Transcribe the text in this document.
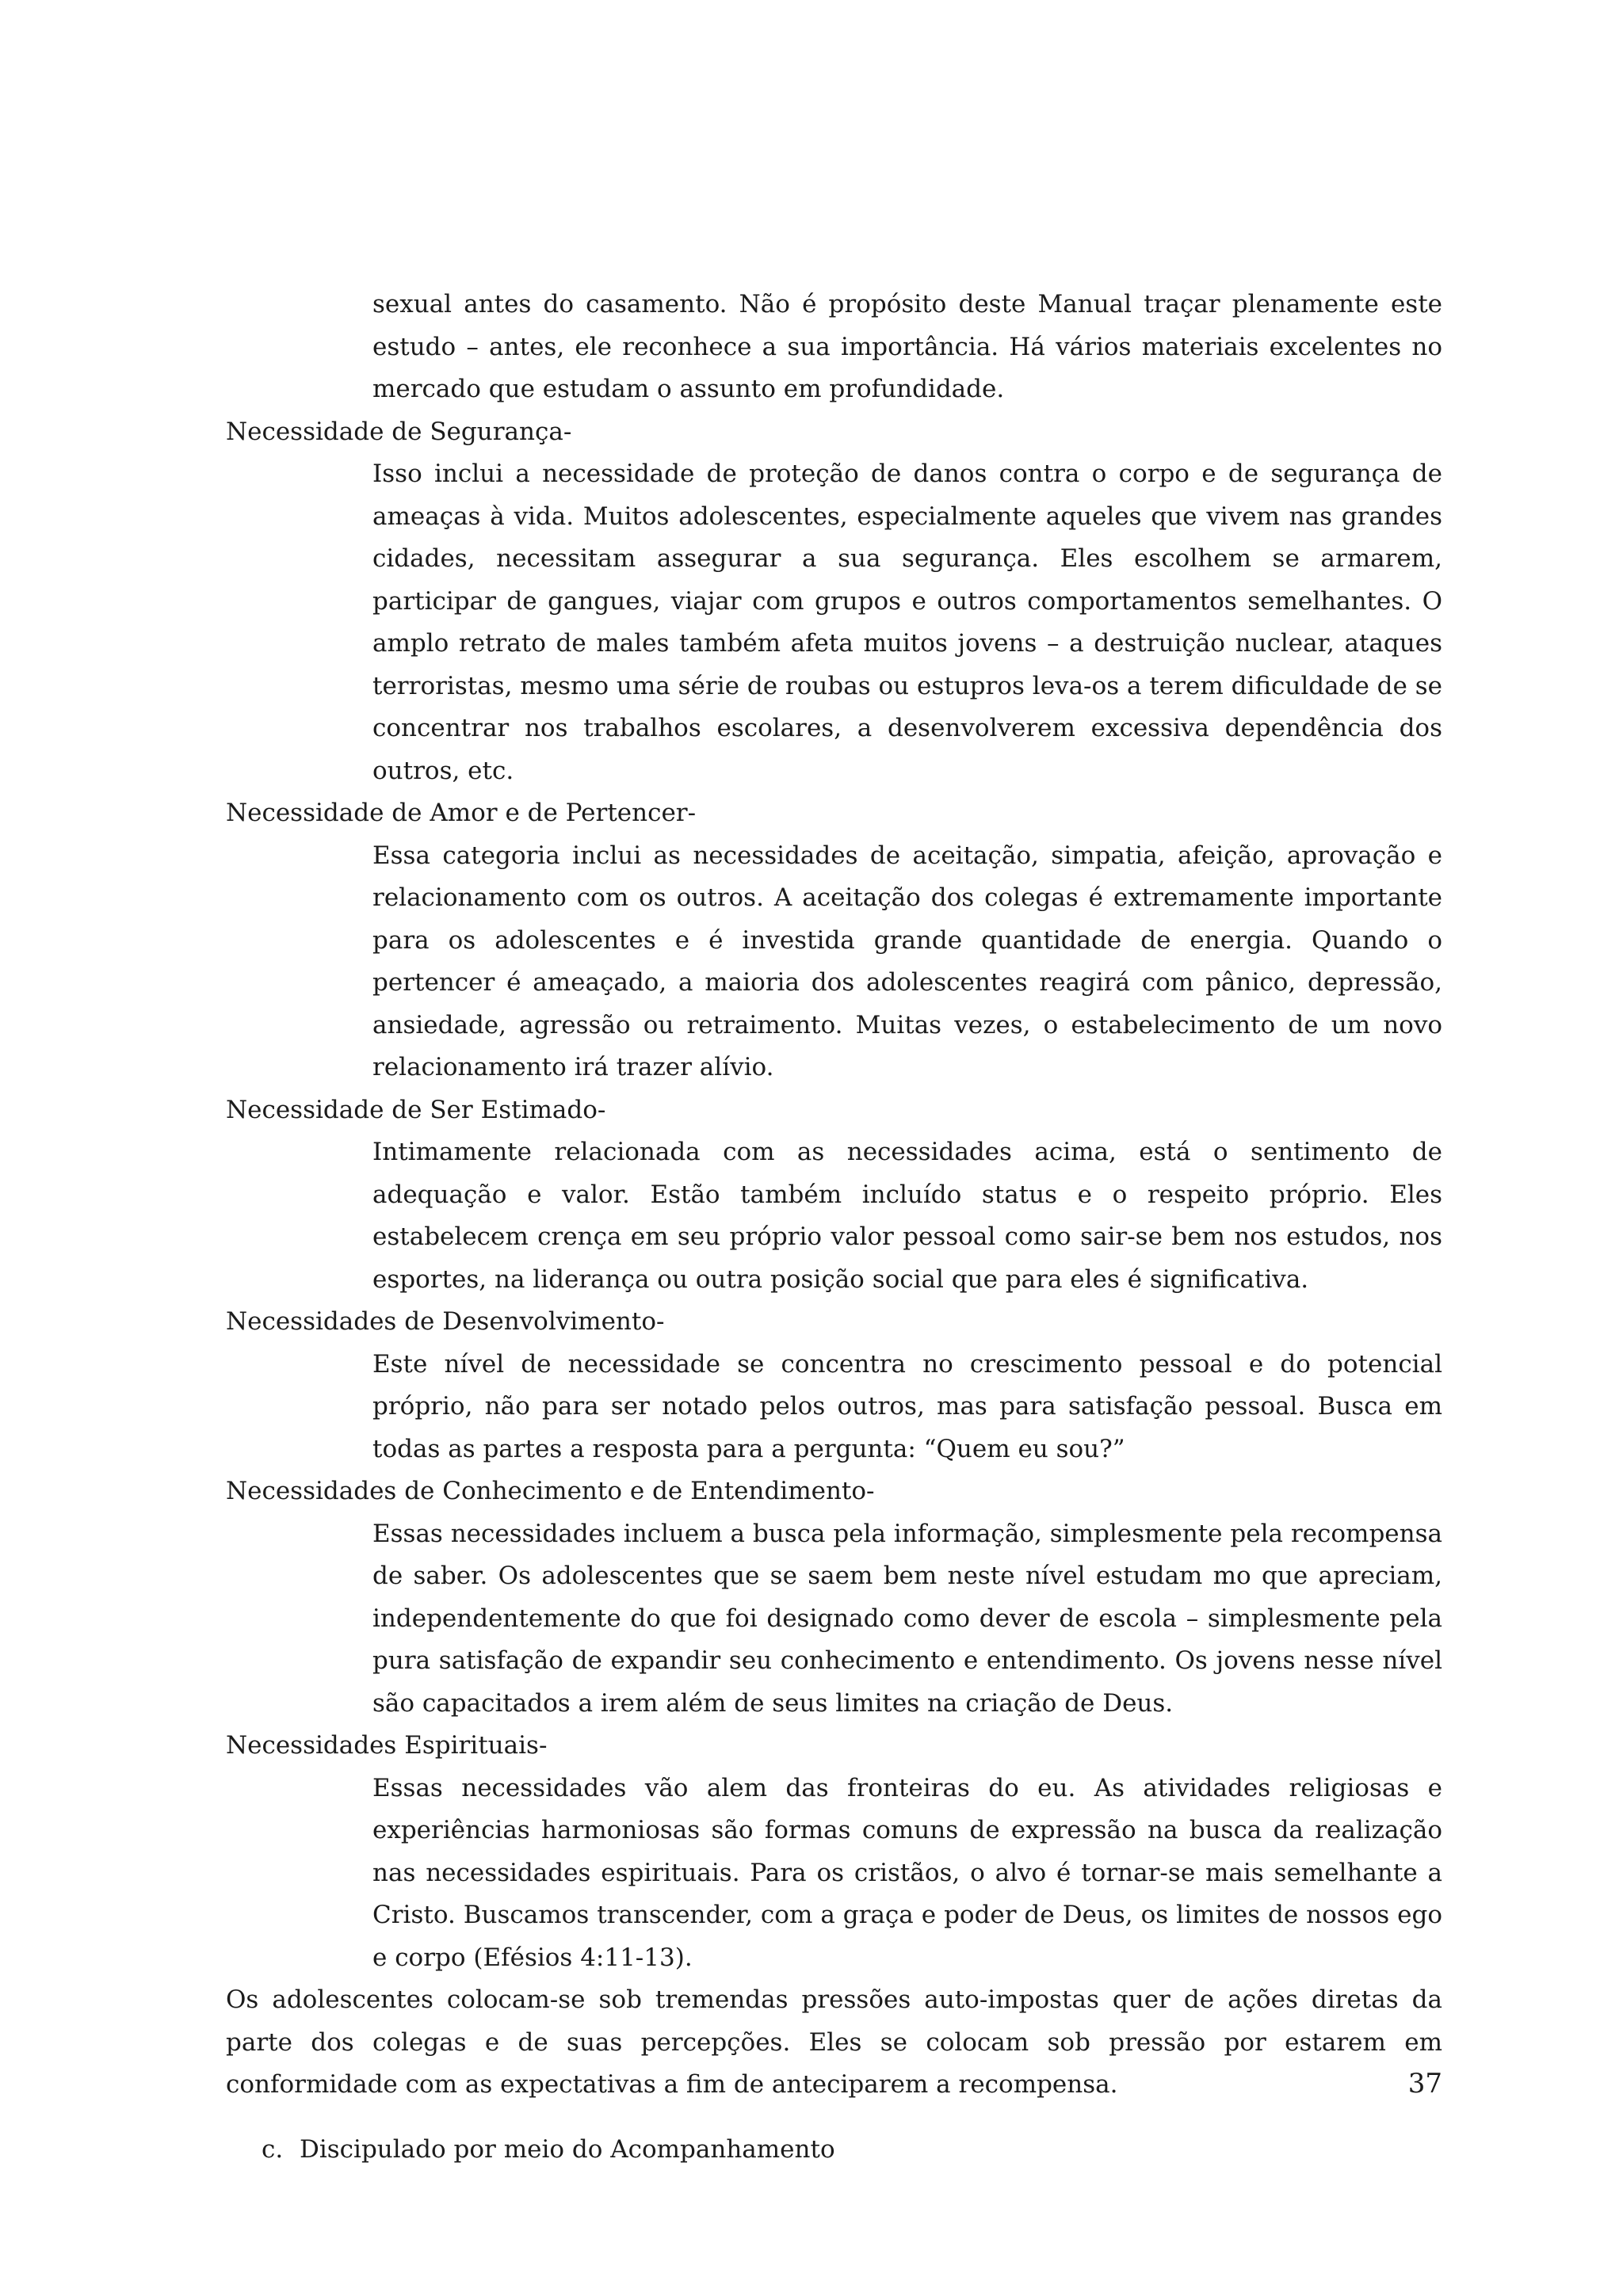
sexual antes do casamento. Não é propósito deste Manual traçar plenamente este estudo – antes, ele reconhece a sua importância. Há vários materiais excelentes no mercado que estudam o assunto em profundidade.

Necessidade de Segurança-

Isso inclui a necessidade de proteção de danos contra o corpo e de segurança de ameaças à vida. Muitos adolescentes, especialmente aqueles que vivem nas grandes cidades, necessitam assegurar a sua segurança. Eles escolhem se armarem, participar de gangues, viajar com grupos e outros comportamentos semelhantes. O amplo retrato de males também afeta muitos jovens – a destruição nuclear, ataques terroristas, mesmo uma série de roubas ou estupros leva-os a terem dificuldade de se concentrar nos trabalhos escolares, a desenvolverem excessiva dependência dos outros, etc.

Necessidade de Amor e de Pertencer-

Essa categoria inclui as necessidades de aceitação, simpatia, afeição, aprovação e relacionamento com os outros. A aceitação dos colegas é extremamente importante para os adolescentes e é investida grande quantidade de energia. Quando o pertencer é ameaçado, a maioria dos adolescentes reagirá com pânico, depressão, ansiedade, agressão ou retraimento. Muitas vezes, o estabelecimento de um novo relacionamento irá trazer alívio.

Necessidade de Ser Estimado-

Intimamente relacionada com as necessidades acima, está o sentimento de adequação e valor. Estão também incluído status e o respeito próprio. Eles estabelecem crença em seu próprio valor pessoal como sair-se bem nos estudos, nos esportes, na liderança ou outra posição social que para eles é significativa.

Necessidades de Desenvolvimento-

Este nível de necessidade se concentra no crescimento pessoal e do potencial próprio, não para ser notado pelos outros, mas para satisfação pessoal. Busca em todas as partes a resposta para a pergunta: “Quem eu sou?”

Necessidades de Conhecimento e de Entendimento-

Essas necessidades incluem a busca pela informação, simplesmente pela recompensa de saber. Os adolescentes que se saem bem neste nível estudam mo que apreciam, independentemente do que foi designado como dever de escola – simplesmente pela pura satisfação de expandir seu conhecimento e entendimento. Os jovens nesse nível são capacitados a irem além de seus limites na criação de Deus.

Necessidades Espirituais-

Essas necessidades vão alem das fronteiras do eu. As atividades religiosas e experiências harmoniosas são formas comuns de expressão na busca da realização nas necessidades espirituais. Para os cristãos, o alvo é tornar-se mais semelhante a Cristo. Buscamos transcender, com a graça e poder de Deus, os limites de nossos ego e corpo (Efésios 4:11-13).

Os adolescentes colocam-se sob tremendas pressões auto-impostas quer de ações diretas da parte dos colegas e de suas percepções. Eles se colocam sob pressão por estarem em conformidade com as expectativas a fim de anteciparem a recompensa.

c. Discipulado por meio do Acompanhamento

37
